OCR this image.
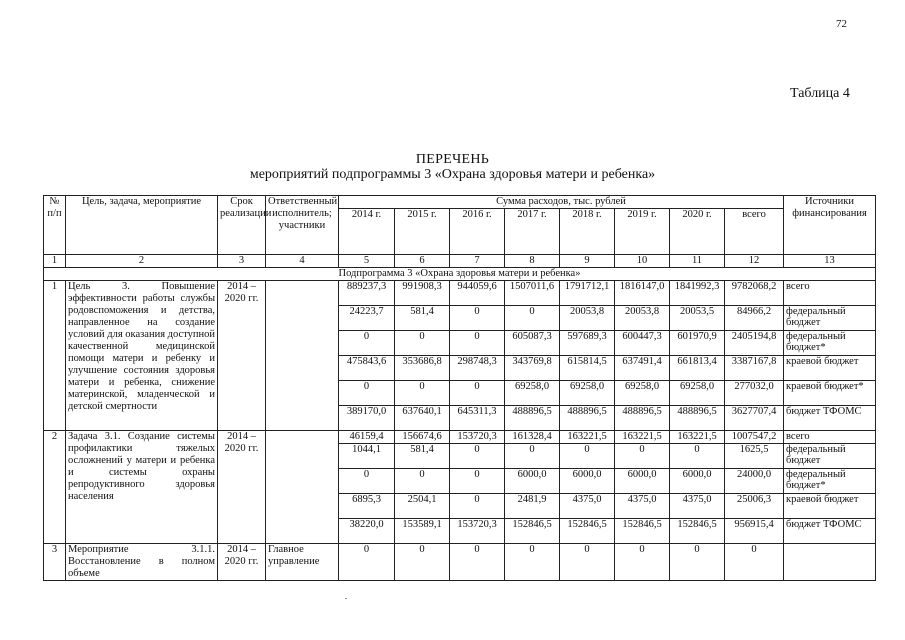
72
Таблица 4
ПЕРЕЧЕНЬ
мероприятий подпрограммы 3 «Охрана здоровья матери и ребенка»
№ п/п	Цель, задача, мероприятие	Срок реализации	Ответственный исполнитель; участники	Сумма расходов, тыс. рублей								Источники финансирования
				2014 г.	2015 г.	2016 г.	2017 г.	2018 г.	2019 г.	2020 г.	всего	
1	2	3	4	5	6	7	8	9	10	11	12	13
Подпрограмма 3 «Охрана здоровья матери и ребенка»												
1	Цель 3. Повышение эффективности работы службы родовспоможения и детства, направленное на создание условий для оказания доступной качественной медицинской помощи матери и ребенку и улучшение состояния здоровья матери и ребенка, снижение материнской, младенческой и детской смертности	2014 – 2020 гг.		889237,3	991908,3	944059,6	1507011,6	1791712,1	1816147,0	1841992,3	9782068,2	всего
				24223,7	581,4	0	0	20053,8	20053,8	20053,5	84966,2	федеральный бюджет
				0	0	0	605087,3	597689,3	600447,3	601970,9	2405194,8	федеральный бюджет*
				475843,6	353686,8	298748,3	343769,8	615814,5	637491,4	661813,4	3387167,8	краевой бюджет
				0	0	0	69258,0	69258,0	69258,0	69258,0	277032,0	краевой бюджет*
				389170,0	637640,1	645311,3	488896,5	488896,5	488896,5	488896,5	3627707,4	бюджет ТФОМС
2	Задача 3.1. Создание системы профилактики тяжелых осложнений у матери и ребенка и системы охраны репродуктивного здоровья населения	2014 – 2020 гг.		46159,4	156674,6	153720,3	161328,4	163221,5	163221,5	163221,5	1007547,2	всего
				1044,1	581,4	0	0	0	0	0	1625,5	федеральный бюджет
				0	0	0	6000,0	6000,0	6000,0	6000,0	24000,0	федеральный бюджет*
				6895,3	2504,1	0	2481,9	4375,0	4375,0	4375,0	25006,3	краевой бюджет
				38220,0	153589,1	153720,3	152846,5	152846,5	152846,5	152846,5	956915,4	бюджет ТФОМС
3	Мероприятие 3.1.1. Восстановление в полном объеме	2014 – 2020 гг.	Главное управление	0	0	0	0	0	0	0	0	
